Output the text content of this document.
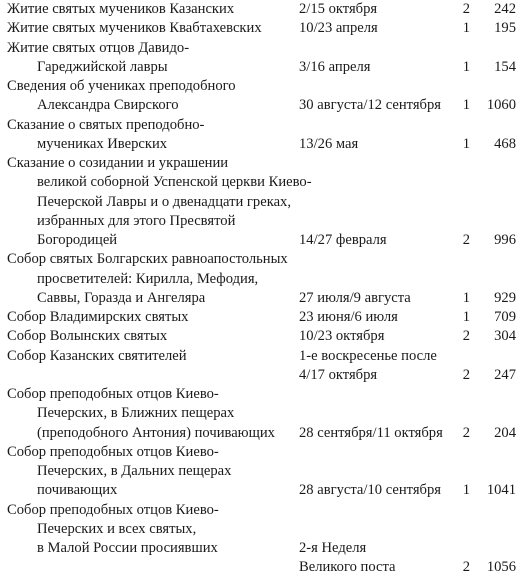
Житие святых мучеников Казанских	2/15 октября	2	242
Житие святых мучеников Квабтахевских	10/23 апреля	1	195
Житие святых отцов Давидо-
Гареджийской лавры	3/16 апреля	1	154
Сведения об учениках преподобного
Александра Свирского	30 августа/12 сентября	1	1060
Сказание о святых преподобно-
мучениках Иверских	13/26 мая	1	468
Сказание о созидании и украшении
великой соборной Успенской церкви Киево-
Печерской Лавры и о двенадцати греках,
избранных для этого Пресвятой
Богородицей	14/27 февраля	2	996
Собор святых Болгарских равноапостольных
просветителей: Кирилла, Мефодия,
Саввы, Горазда и Ангеляра	27 июля/9 августа	1	929
Собор Владимирских святых	23 июня/6 июля	1	709
Собор Волынских святых	10/23 октября	2	304
Собор Казанских святителей	1-е воскресенье после
4/17 октября	2	247
Собор преподобных отцов Киево-
Печерских, в Ближних пещерах
(преподобного Антония) почивающих 28 сентября/11 октября	2	204
Собор преподобных отцов Киево-
Печерских, в Дальних пещерах
почивающих	28 августа/10 сентября	1	1041
Собор преподобных отцов Киево-
Печерских и всех святых,
в Малой России просиявших	2-я Неделя
Великого поста	2	1056
